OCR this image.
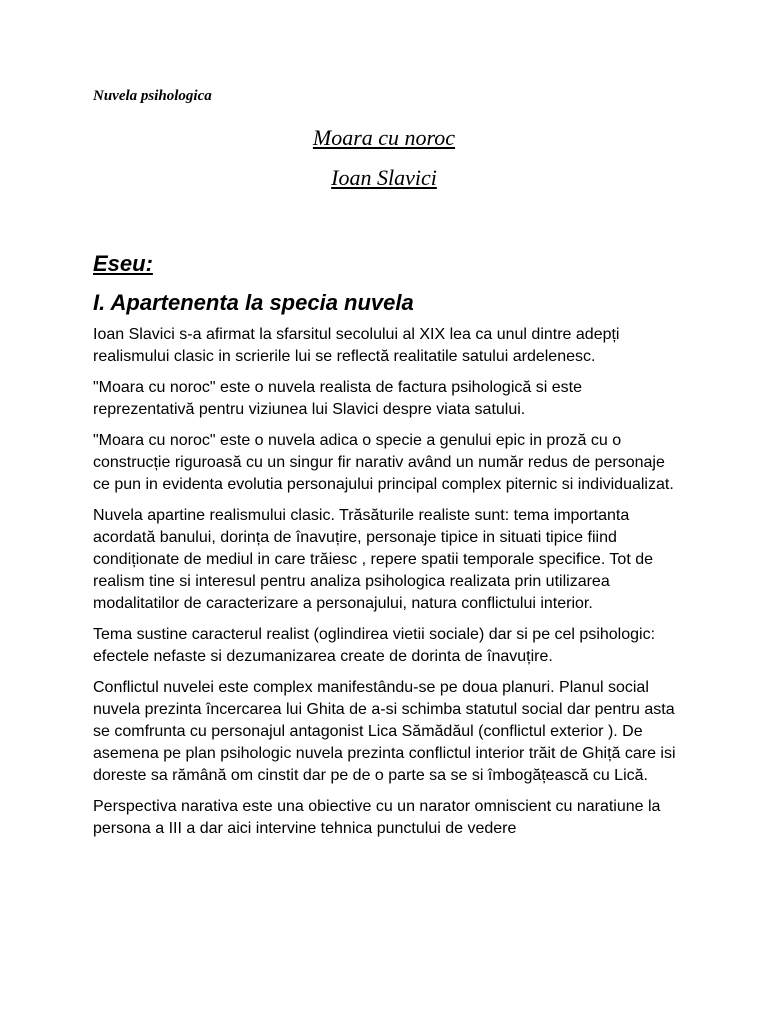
Nuvela psihologica

Moara cu noroc
Ioan Slavici

Eseu:

I. Apartenenta la specia nuvela

Ioan Slavici s-a afirmat la sfarsitul secolului al XIX lea ca unul dintre adepți realismului clasic in scrierile lui se reflectă realitatile satului ardelenesc.

"Moara cu noroc" este o nuvela realista de factura psihologică si este reprezentativă pentru viziunea lui Slavici despre viata satului.

"Moara cu noroc" este o nuvela adica o specie a genului epic in proză cu o construcție riguroasă cu un singur fir narativ având un număr redus de personaje ce pun in evidenta evolutia personajului principal complex piternic si individualizat.

Nuvela apartine realismului clasic. Trăsăturile realiste sunt: tema importanta acordată banului, dorința de înavuțire, personaje tipice in situati tipice fiind condiționate de mediul in care trăiesc , repere spatii temporale specifice. Tot de realism tine si interesul pentru analiza psihologica realizata prin utilizarea modalitatilor de caracterizare a personajului, natura conflictului interior.

Tema sustine caracterul realist (oglindirea vietii sociale) dar si pe cel psihologic: efectele nefaste si dezumanizarea create de dorinta de înavuțire.

Conflictul nuvelei este complex manifestându-se pe doua planuri. Planul social nuvela prezinta încercarea lui Ghita de a-si schimba statutul social dar pentru asta se comfrunta cu personajul antagonist Lica Sămădăul (conflictul exterior ). De asemena pe plan psihologic nuvela prezinta conflictul interior trăit de Ghiță care isi doreste sa rămână om cinstit dar pe de o parte sa se si îmbogățească cu Lică.

Perspectiva narativa este una obiective cu un narator omniscient cu naratiune la persona a III a dar aici intervine tehnica punctului de vedere
